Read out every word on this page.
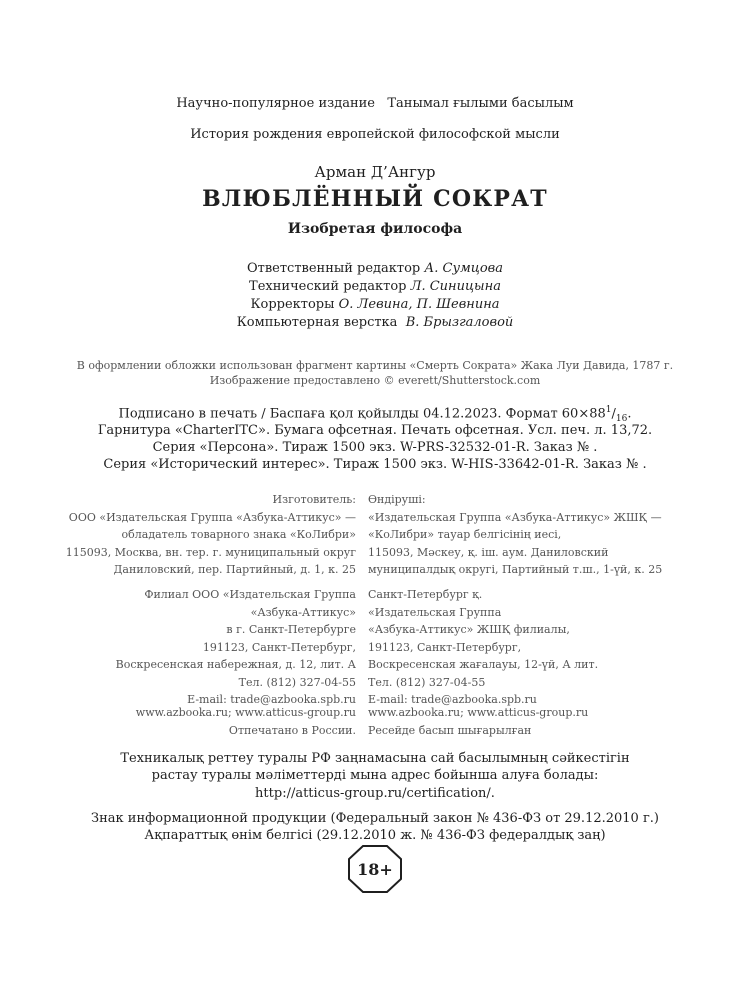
Научно-популярное издание Танымал ғылыми басылым
История рождения европейской философской мысли
Арман Д’Ангур
ВЛЮБЛЁННЫЙ СОКРАТ
Изобретая философа
Ответственный редактор А. Сумцова
Технический редактор Л. Синицына
Корректоры О. Левина, П. Шевнина
Компьютерная верстка В. Брызгаловой
В оформлении обложки использован фрагмент картины «Смерть Сократа» Жака Луи Давида, 1787 г.
Изображение предоставлено © everett/Shutterstock.com
Подписано в печать / Баспаға қол қойылды 04.12.2023. Формат $60\times 88^1/_{16}$.
Гарнитура «CharterITC». Бумага офсетная. Печать офсетная. Усл. печ. л. 13,72.
Серия «Персона». Тираж 1500 экз. W-PRS-32532-01-R. Заказ № .
Серия «Исторический интерес». Тираж 1500 экз. W-HIS-33642-01-R. Заказ № .
Изготовитель:
ООО «Издательская Группа «Азбука-Аттикус» —
обладатель товарного знака «КоЛибри»
115093, Москва, вн. тер. г. муниципальный округ
Даниловский, пер. Партийный, д. 1, к. 25
Өндіруші:
«Издательская Группа «Азбука-Аттикус» ЖШҚ —
«КоЛибри» тауар белгісінің иесі,
115093, Мәскеу, қ. іш. аум. Даниловский
муниципалдық округі, Партийный т.ш., 1-үй, к. 25
Филиал ООО «Издательская Группа
«Азбука-Аттикус»
в г. Санкт-Петербурге
191123, Санкт-Петербург,
Воскресенская набережная, д. 12, лит. А
Тел. (812) 327-04-55
E-mail: trade@azbooka.spb.ru
Санкт-Петербург қ.
«Издательская Группа
«Азбука-Аттикус» ЖШҚ филиалы,
191123, Санкт-Петербург,
Воскресенская жағалауы, 12-үй, А лит.
Тел. (812) 327-04-55
E-mail: trade@azbooka.spb.ru
www.azbooka.ru; www.atticus-group.ru
Отпечатано в России.
www.azbooka.ru; www.atticus-group.ru
Ресейде басып шығарылған
Техникалық реттеу туралы РФ заңнамасына сай басылымның сәйкестігін
растау туралы мәліметтерді мына адрес бойынша алуға болады:
http://atticus-group.ru/certification/.
Знак информационной продукции (Федеральный закон № 436-ФЗ от 29.12.2010 г.)
Ақпараттық өнім белгісі (29.12.2010 ж. № 436-ФЗ федералдық заң)
18+
